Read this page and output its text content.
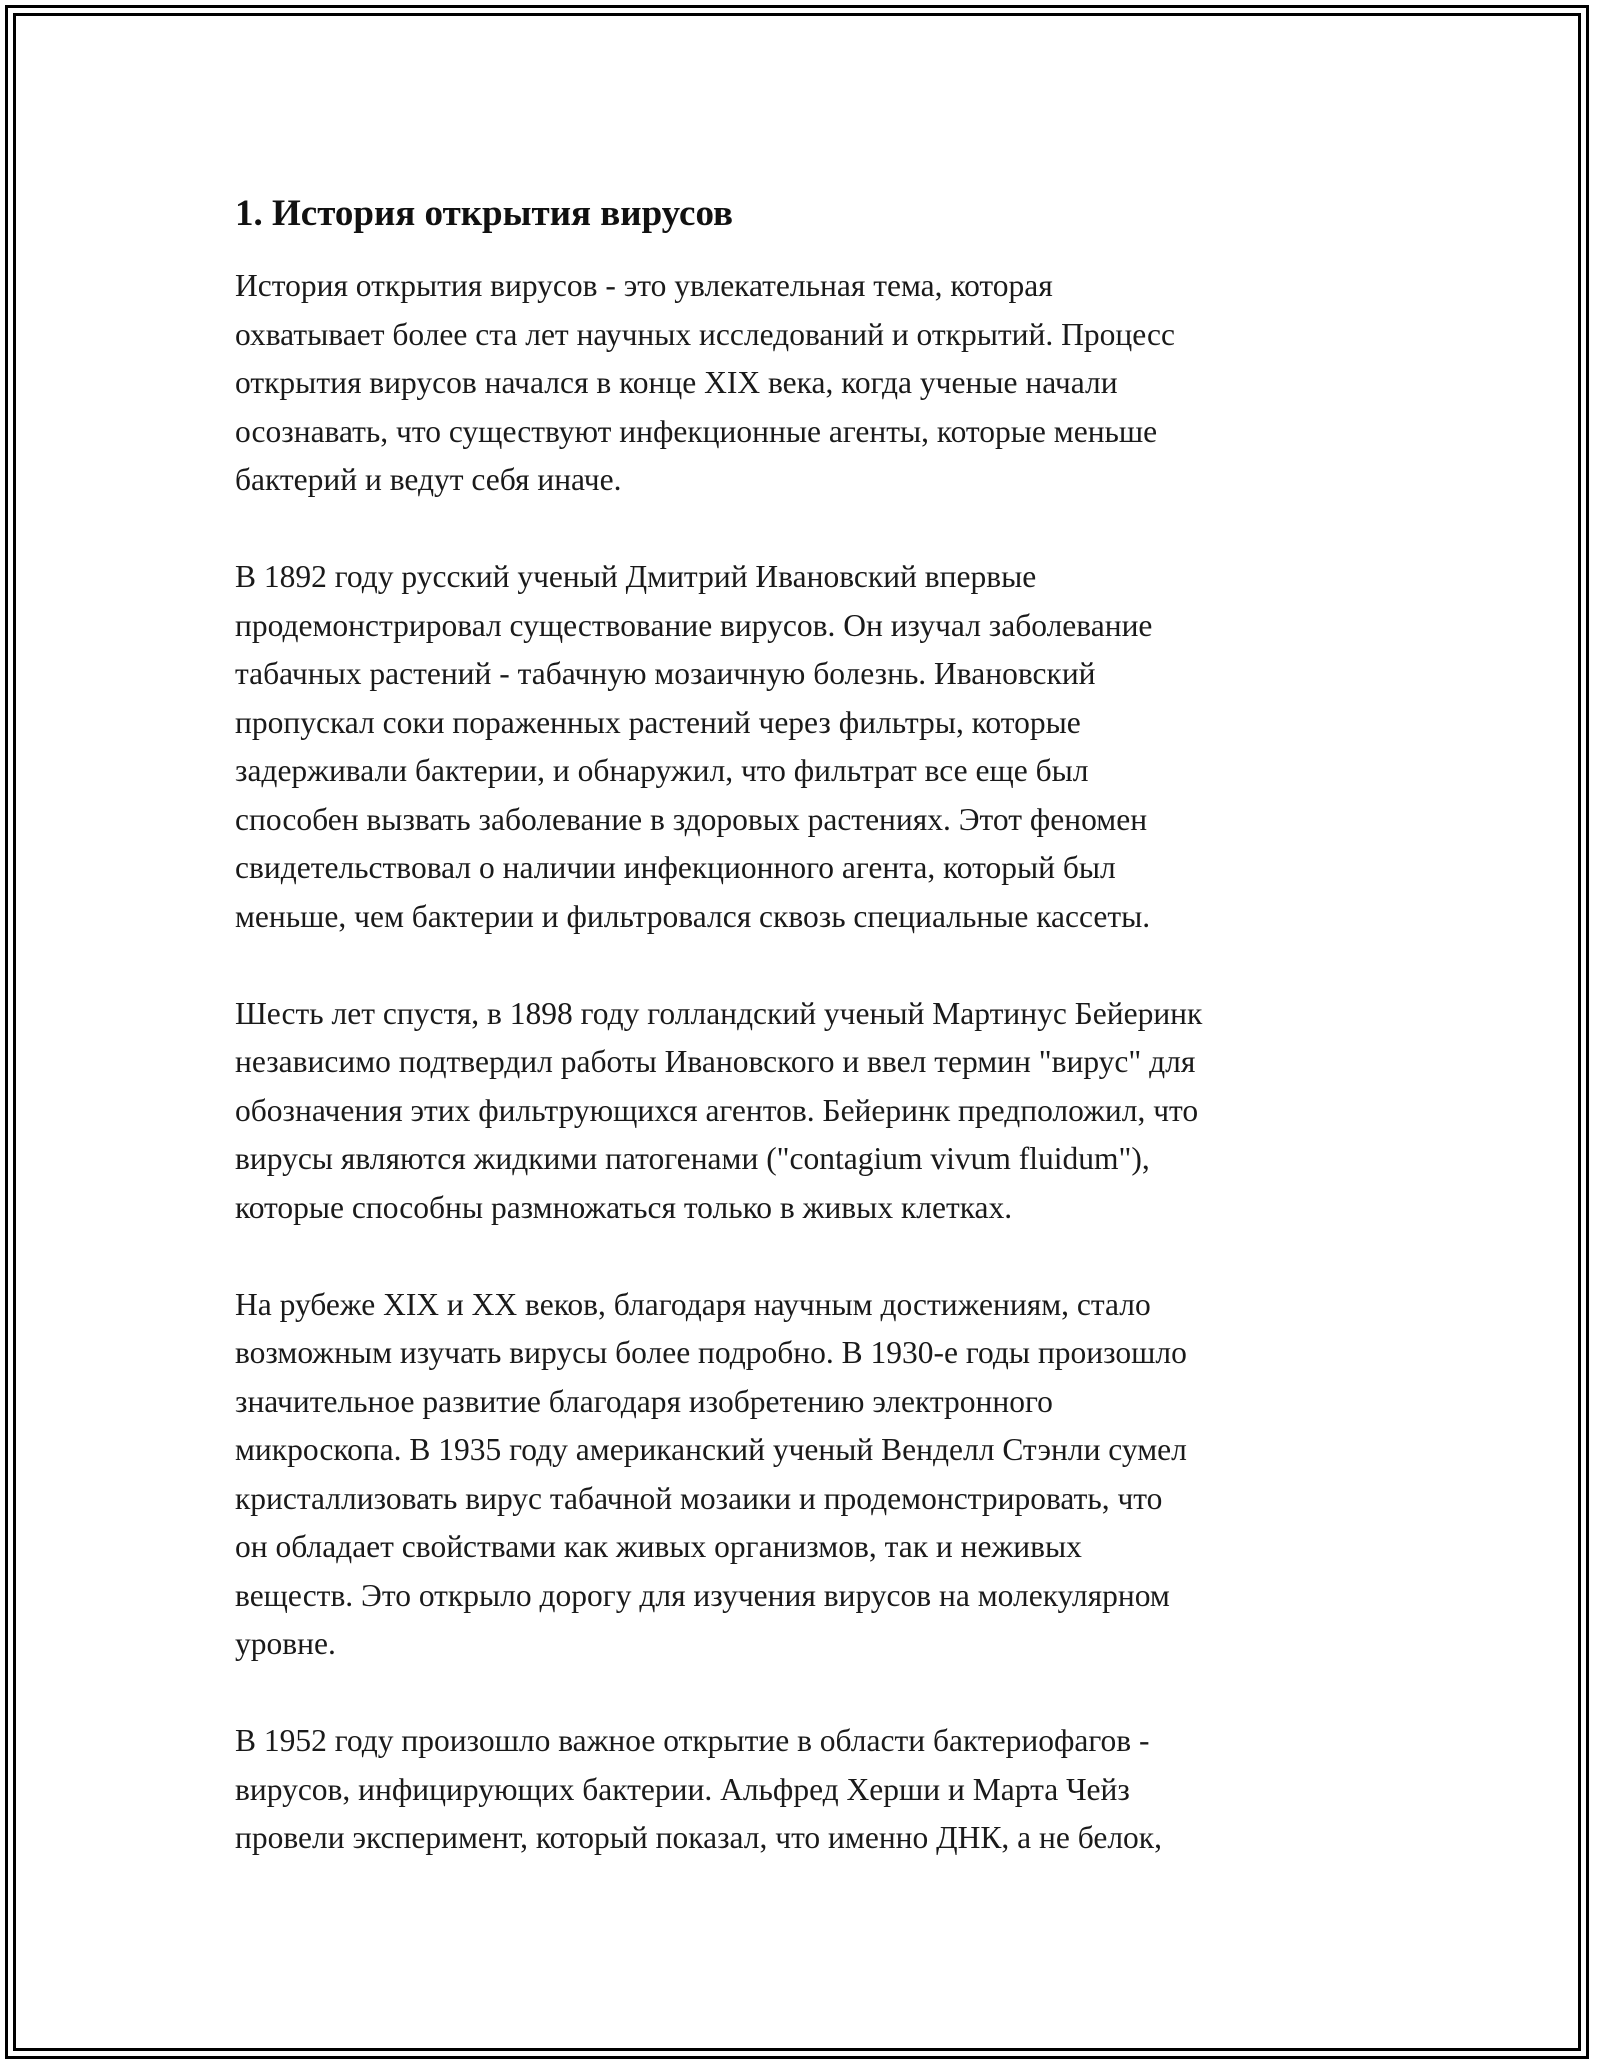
1. История открытия вирусов

История открытия вирусов - это увлекательная тема, которая
охватывает более ста лет научных исследований и открытий. Процесс
открытия вирусов начался в конце XIX века, когда ученые начали
осознавать, что существуют инфекционные агенты, которые меньше
бактерий и ведут себя иначе.

В 1892 году русский ученый Дмитрий Ивановский впервые
продемонстрировал существование вирусов. Он изучал заболевание
табачных растений - табачную мозаичную болезнь. Ивановский
пропускал соки пораженных растений через фильтры, которые
задерживали бактерии, и обнаружил, что фильтрат все еще был
способен вызвать заболевание в здоровых растениях. Этот феномен
свидетельствовал о наличии инфекционного агента, который был
меньше, чем бактерии и фильтровался сквозь специальные кассеты.

Шесть лет спустя, в 1898 году голландский ученый Мартинус Бейеринк
независимо подтвердил работы Ивановского и ввел термин "вирус" для
обозначения этих фильтрующихся агентов. Бейеринк предположил, что
вирусы являются жидкими патогенами ("contagium vivum fluidum"),
которые способны размножаться только в живых клетках.

На рубеже XIX и XX веков, благодаря научным достижениям, стало
возможным изучать вирусы более подробно. В 1930-е годы произошло
значительное развитие благодаря изобретению электронного
микроскопа. В 1935 году американский ученый Венделл Стэнли сумел
кристаллизовать вирус табачной мозаики и продемонстрировать, что
он обладает свойствами как живых организмов, так и неживых
веществ. Это открыло дорогу для изучения вирусов на молекулярном
уровне.

В 1952 году произошло важное открытие в области бактериофагов -
вирусов, инфицирующих бактерии. Альфред Херши и Марта Чейз
провели эксперимент, который показал, что именно ДНК, а не белок,
